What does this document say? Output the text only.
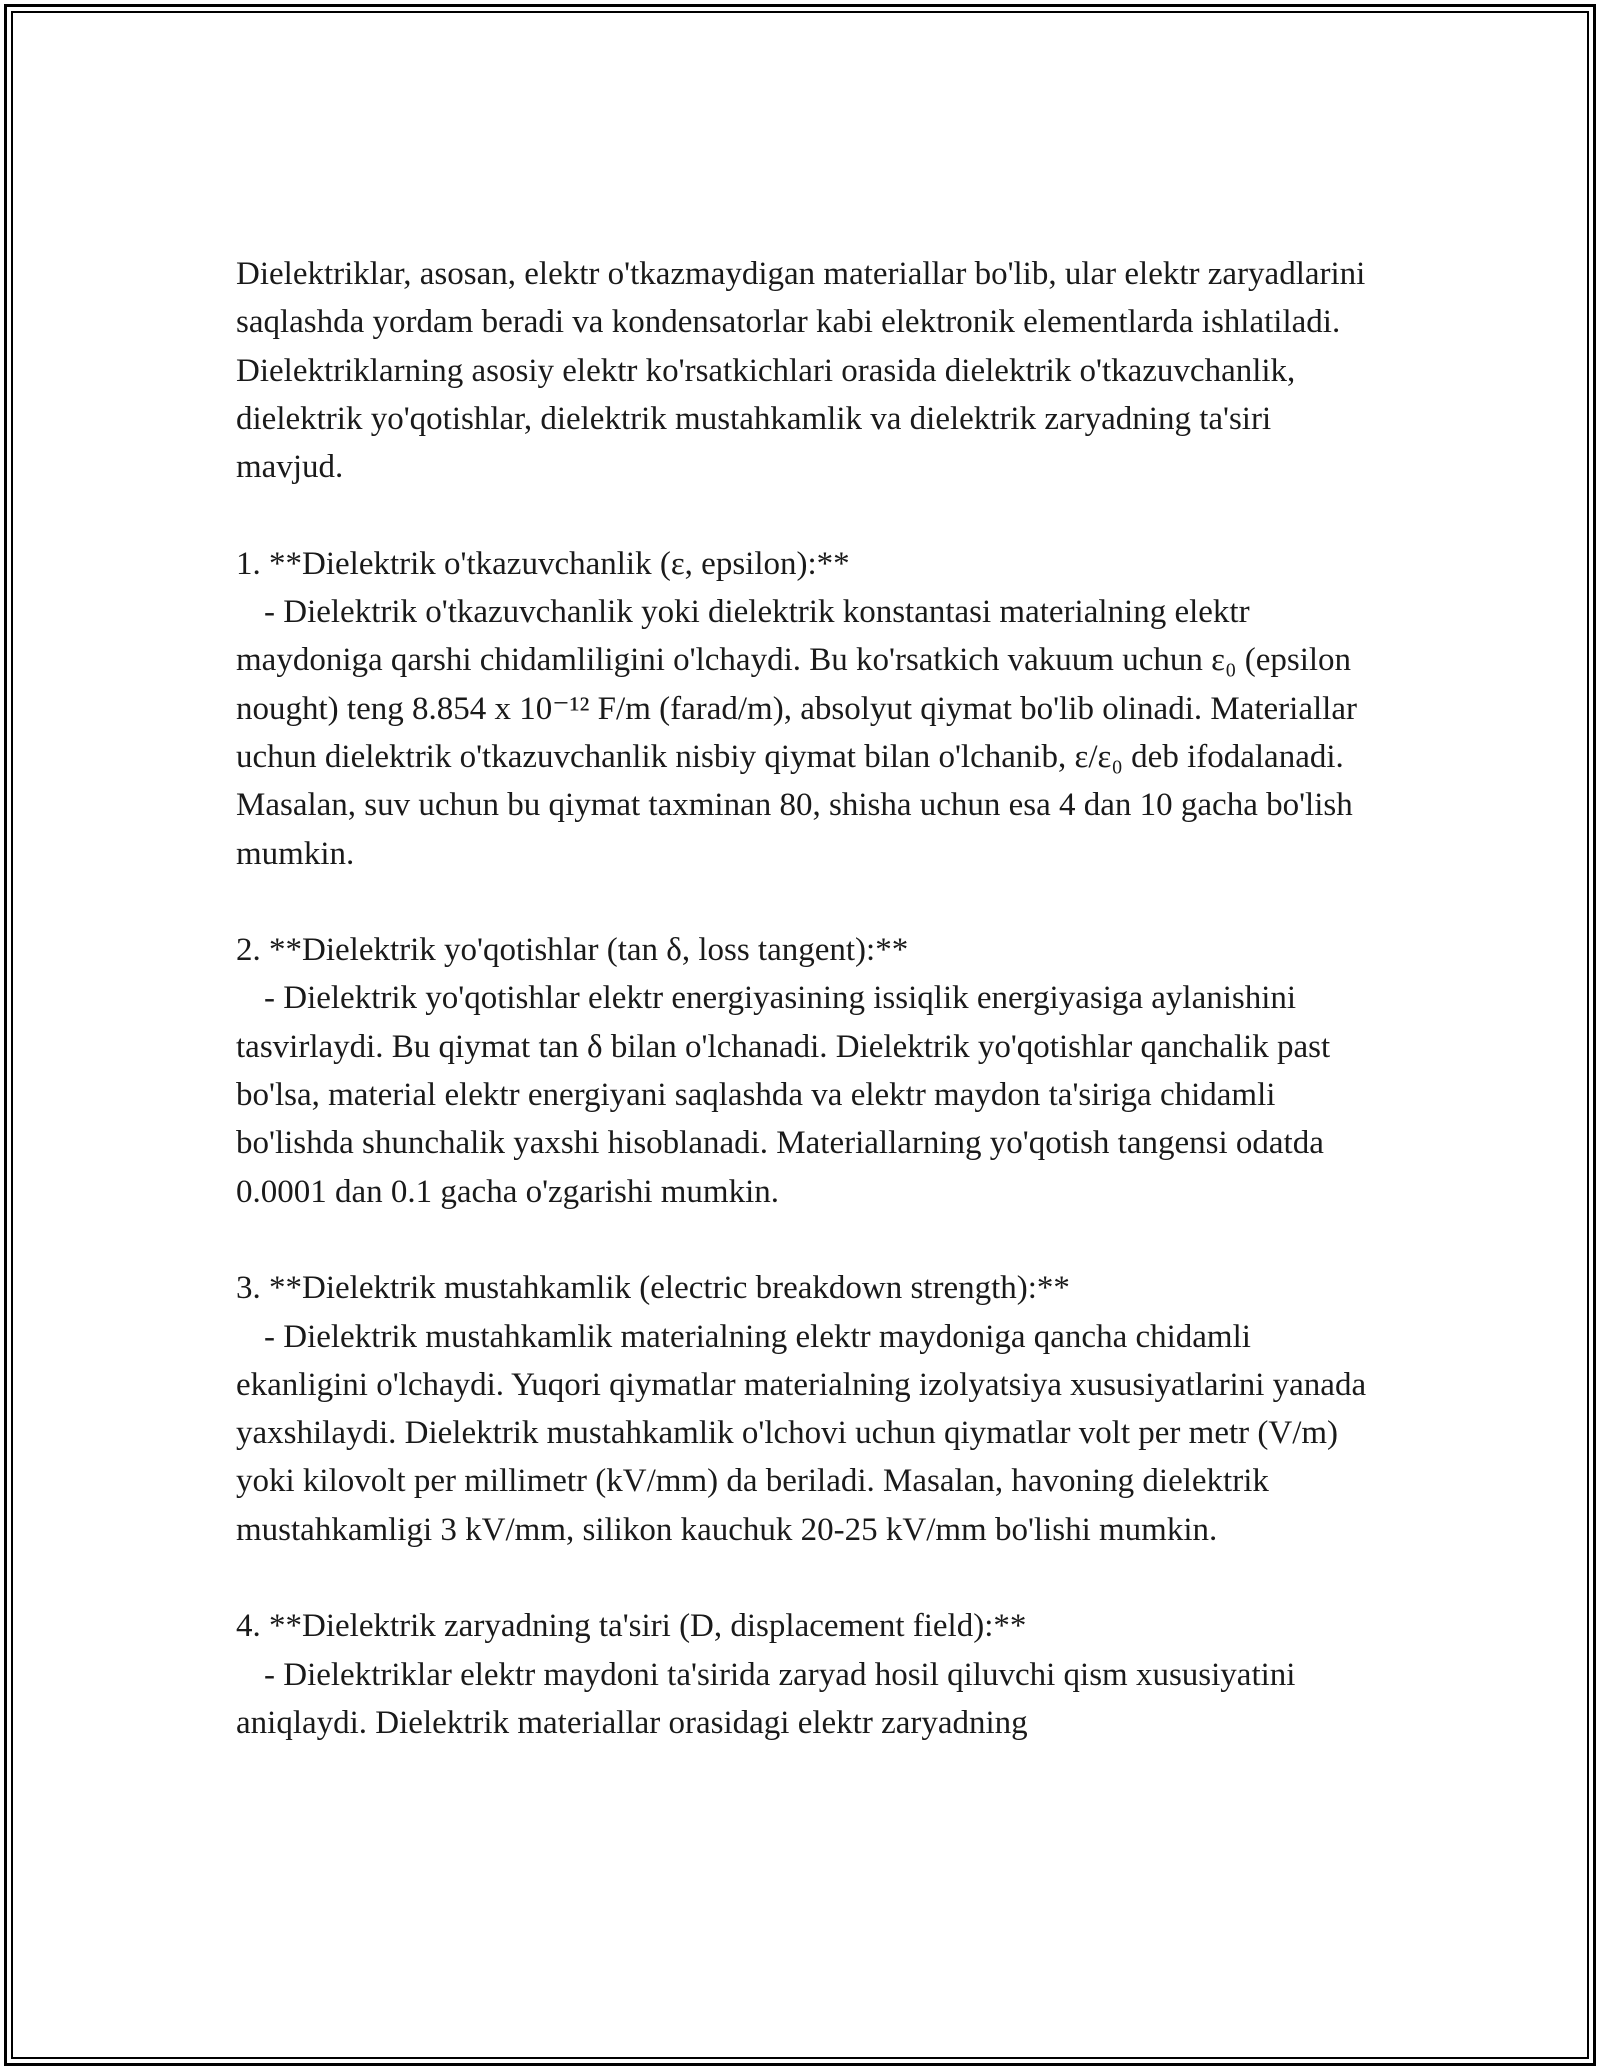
Dielektriklar, asosan, elektr o'tkazmaydigan materiallar bo'lib, ular elektr zaryadlarini saqlashda yordam beradi va kondensatorlar kabi elektronik elementlarda ishlatiladi. Dielektriklarning asosiy elektr ko'rsatkichlari orasida dielektrik o'tkazuvchanlik, dielektrik yo'qotishlar, dielektrik mustahkamlik va dielektrik zaryadning ta'siri mavjud.

1. **Dielektrik o'tkazuvchanlik (ε, epsilon):**

- Dielektrik o'tkazuvchanlik yoki dielektrik konstantasi materialning elektr maydoniga qarshi chidamliligini o'lchaydi. Bu ko'rsatkich vakuum uchun ε₀ (epsilon nought) teng 8.854 x 10⁻¹² F/m (farad/m), absolyut qiymat bo'lib olinadi. Materiallar uchun dielektrik o'tkazuvchanlik nisbiy qiymat bilan o'lchanib, ε/ε₀ deb ifodalanadi. Masalan, suv uchun bu qiymat taxminan 80, shisha uchun esa 4 dan 10 gacha bo'lish mumkin.

2. **Dielektrik yo'qotishlar (tan δ, loss tangent):**

- Dielektrik yo'qotishlar elektr energiyasining issiqlik energiyasiga aylanishini tasvirlaydi. Bu qiymat tan δ bilan o'lchanadi. Dielektrik yo'qotishlar qanchalik past bo'lsa, material elektr energiyani saqlashda va elektr maydon ta'siriga chidamli bo'lishda shunchalik yaxshi hisoblanadi. Materiallarning yo'qotish tangensi odatda 0.0001 dan 0.1 gacha o'zgarishi mumkin.

3. **Dielektrik mustahkamlik (electric breakdown strength):**

- Dielektrik mustahkamlik materialning elektr maydoniga qancha chidamli ekanligini o'lchaydi. Yuqori qiymatlar materialning izolyatsiya xususiyatlarini yanada yaxshilaydi. Dielektrik mustahkamlik o'lchovi uchun qiymatlar volt per metr (V/m) yoki kilovolt per millimetr (kV/mm) da beriladi. Masalan, havoning dielektrik mustahkamligi 3 kV/mm, silikon kauchuk 20-25 kV/mm bo'lishi mumkin.

4. **Dielektrik zaryadning ta'siri (D, displacement field):**

- Dielektriklar elektr maydoni ta'sirida zaryad hosil qiluvchi qism xususiyatini aniqlaydi. Dielektrik materiallar orasidagi elektr zaryadning
